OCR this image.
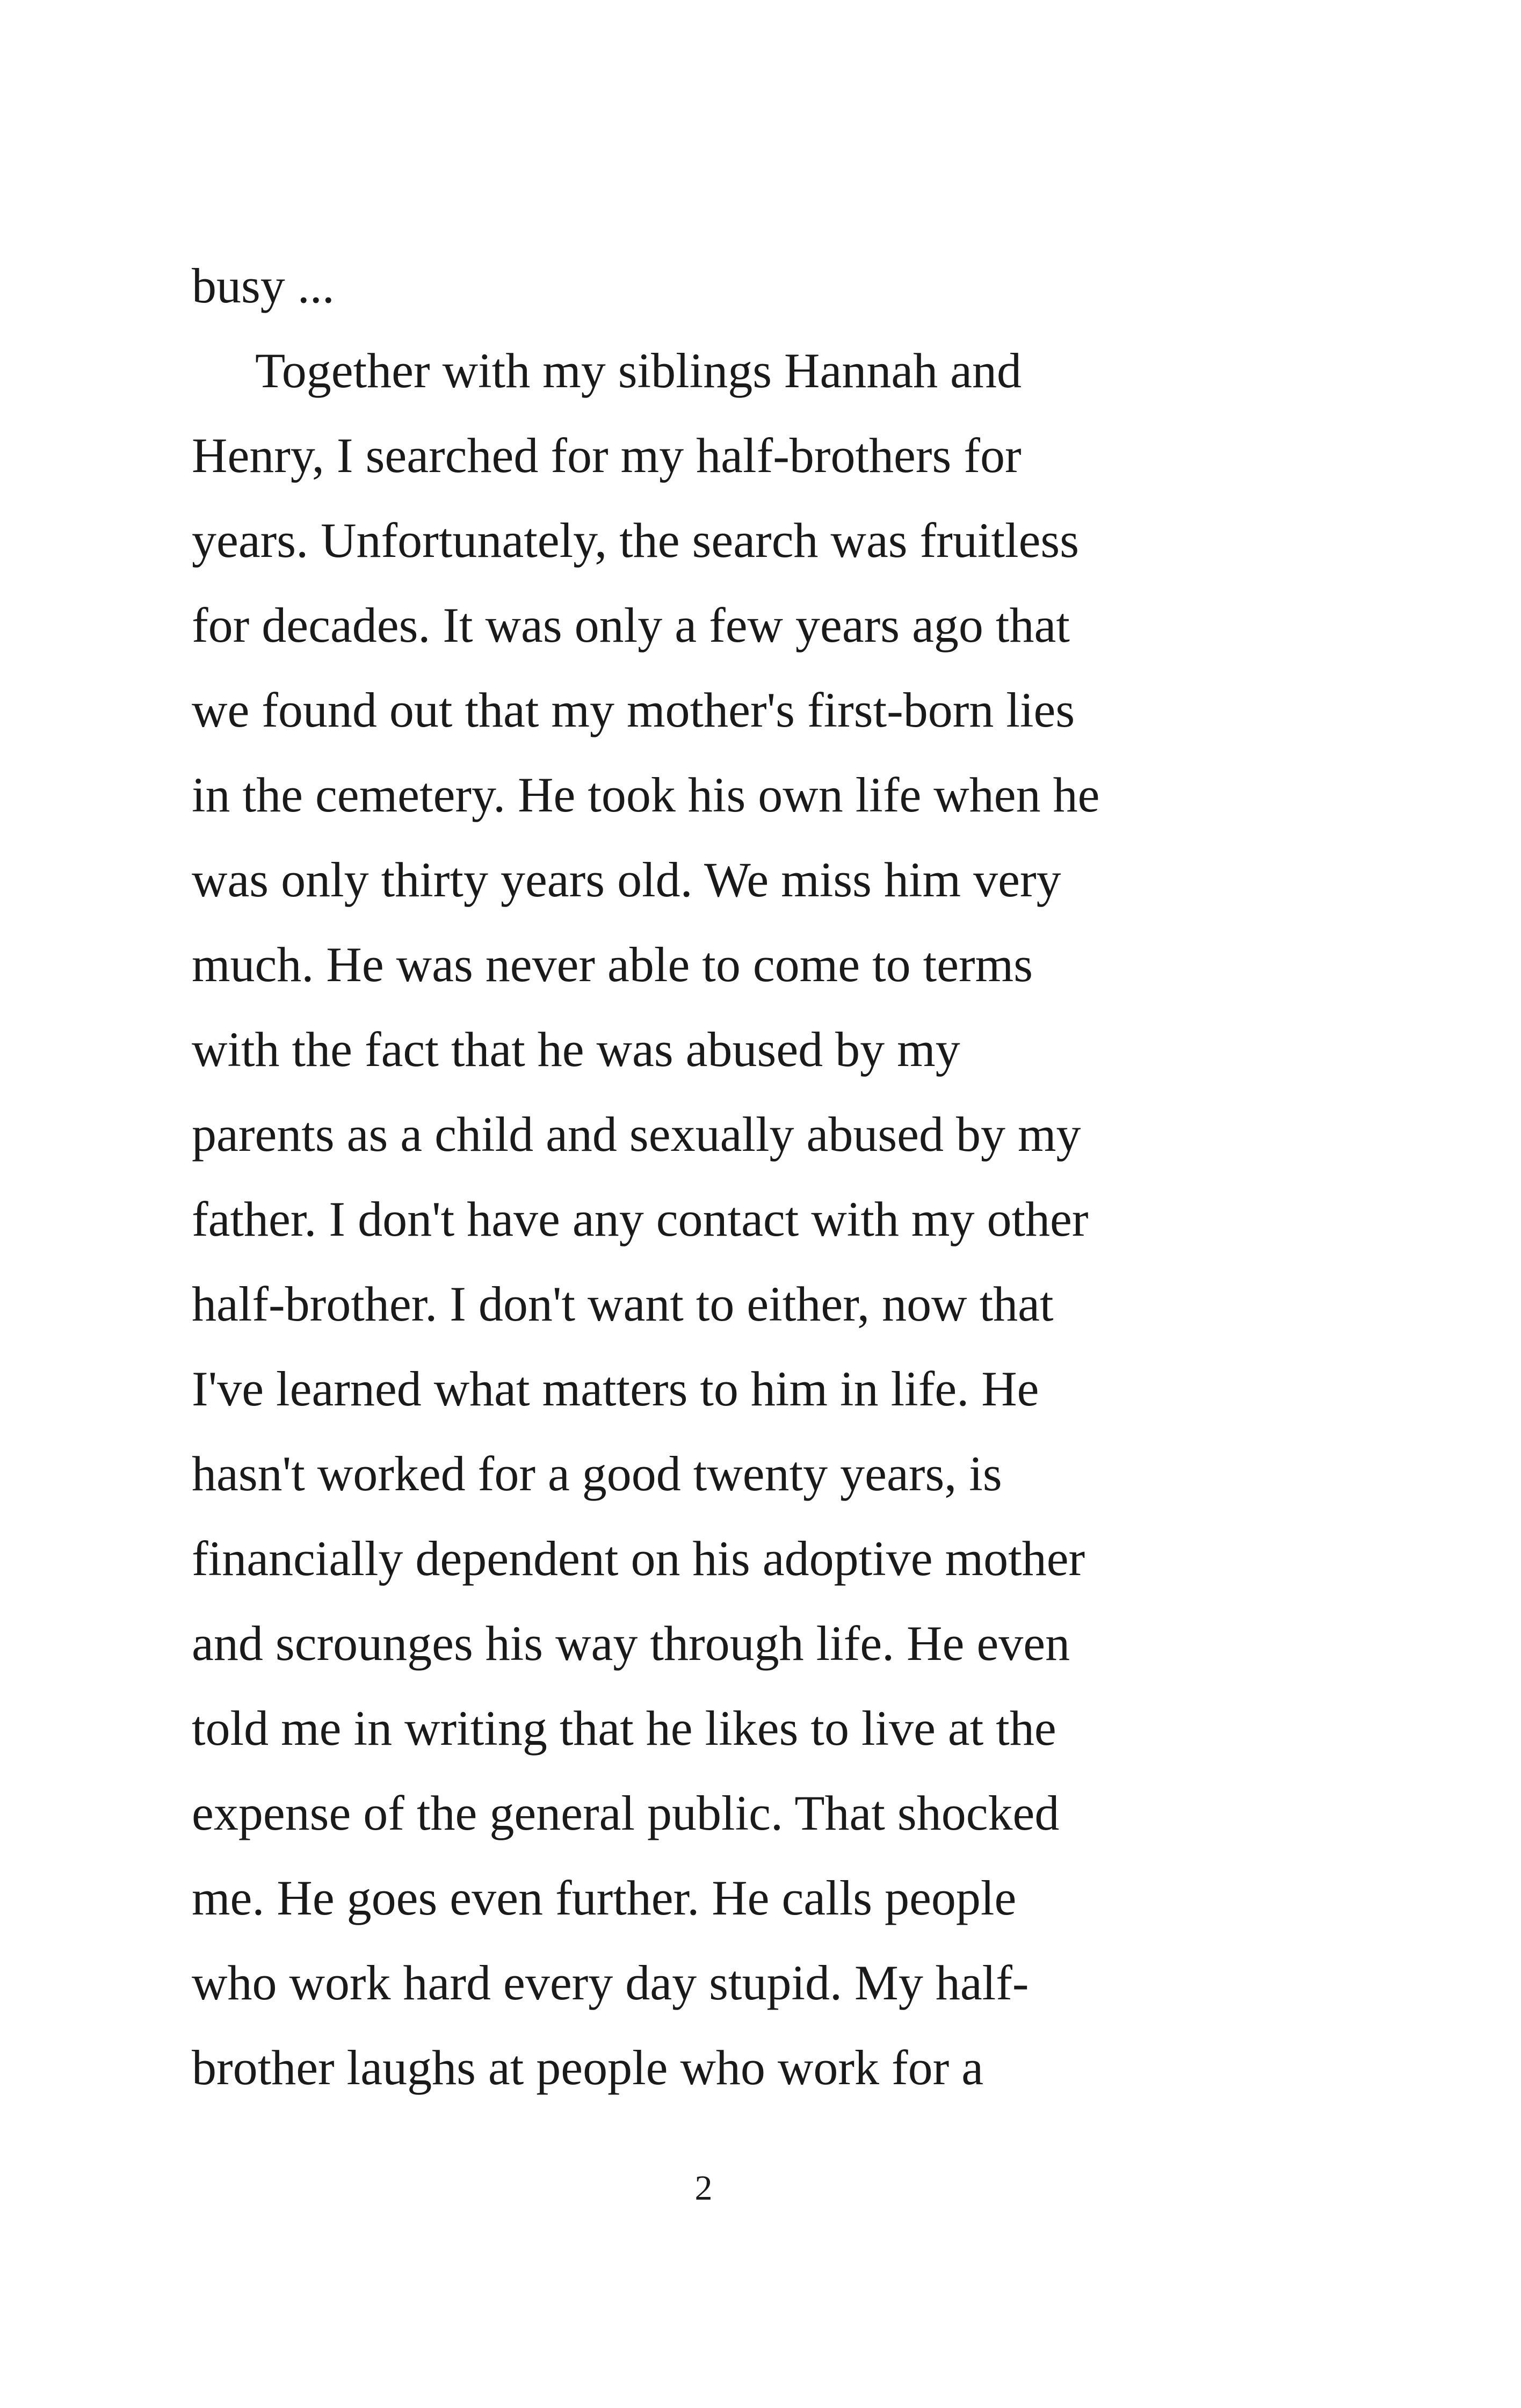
busy ...
Together with my siblings Hannah and
Henry, I searched for my half-brothers for
years. Unfortunately, the search was fruitless
for decades. It was only a few years ago that
we found out that my mother's first-born lies
in the cemetery. He took his own life when he
was only thirty years old. We miss him very
much. He was never able to come to terms
with the fact that he was abused by my
parents as a child and sexually abused by my
father. I don't have any contact with my other
half-brother. I don't want to either, now that
I've learned what matters to him in life. He
hasn't worked for a good twenty years, is
financially dependent on his adoptive mother
and scrounges his way through life. He even
told me in writing that he likes to live at the
expense of the general public. That shocked
me. He goes even further. He calls people
who work hard every day stupid. My half-
brother laughs at people who work for a
2
